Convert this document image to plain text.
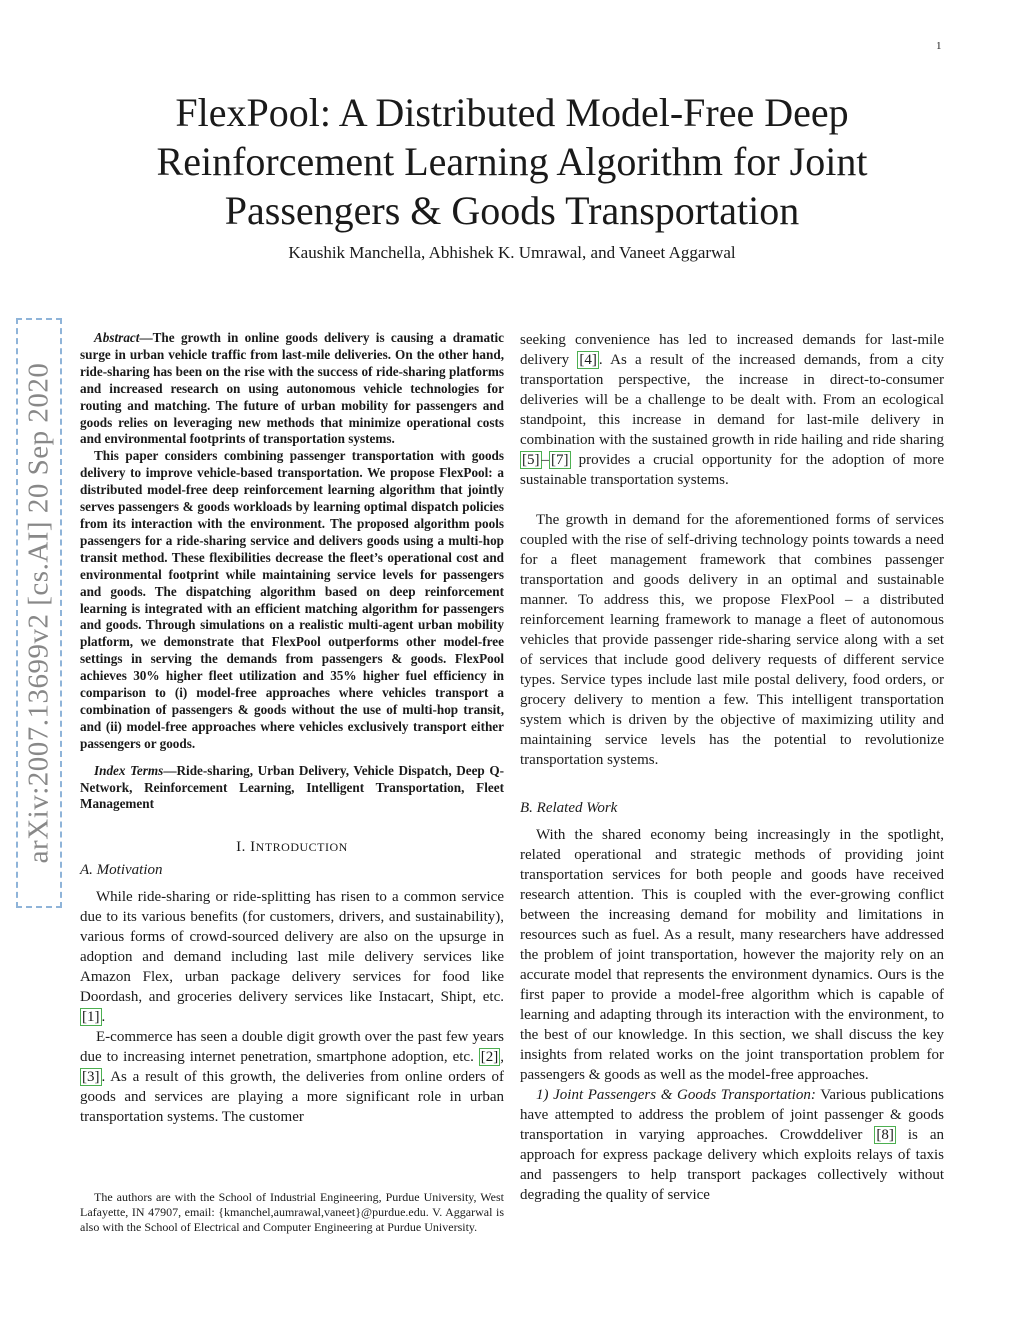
1
arXiv:2007.13699v2 [cs.AI] 20 Sep 2020
FlexPool: A Distributed Model-Free Deep Reinforcement Learning Algorithm for Joint Passengers & Goods Transportation
Kaushik Manchella, Abhishek K. Umrawal, and Vaneet Aggarwal

Abstract—The growth in online goods delivery is causing a dramatic surge in urban vehicle traffic from last-mile deliveries. On the other hand, ride-sharing has been on the rise with the success of ride-sharing platforms and increased research on using autonomous vehicle technologies for routing and matching. The future of urban mobility for passengers and goods relies on leveraging new methods that minimize operational costs and environmental footprints of transportation systems.

This paper considers combining passenger transportation with goods delivery to improve vehicle-based transportation. We propose FlexPool: a distributed model-free deep reinforcement learning algorithm that jointly serves passengers & goods workloads by learning optimal dispatch policies from its interaction with the environment. The proposed algorithm pools passengers for a ride-sharing service and delivers goods using a multi-hop transit method. These flexibilities decrease the fleet’s operational cost and environmental footprint while maintaining service levels for passengers and goods. The dispatching algorithm based on deep reinforcement learning is integrated with an efficient matching algorithm for passengers and goods. Through simulations on a realistic multi-agent urban mobility platform, we demonstrate that FlexPool outperforms other model-free settings in serving the demands from passengers & goods. FlexPool achieves 30% higher fleet utilization and 35% higher fuel efficiency in comparison to (i) model-free approaches where vehicles transport a combination of passengers & goods without the use of multi-hop transit, and (ii) model-free approaches where vehicles exclusively transport either passengers or goods.

Index Terms—Ride-sharing, Urban Delivery, Vehicle Dispatch, Deep Q-Network, Reinforcement Learning, Intelligent Transportation, Fleet Management
I. INTRODUCTION
A. Motivation

While ride-sharing or ride-splitting has risen to a common service due to its various benefits (for customers, drivers, and sustainability), various forms of crowd-sourced delivery are also on the upsurge in adoption and demand including last mile delivery services like Amazon Flex, urban package delivery services for food like Doordash, and groceries delivery services like Instacart, Shipt, etc. [1] .

E-commerce has seen a double digit growth over the past few years due to increasing internet penetration, smartphone adoption, etc. [2] , [3] . As a result of this growth, the deliveries from online orders of goods and services are playing a more significant role in urban transportation systems. The customer

The authors are with the School of Industrial Engineering, Purdue University, West Lafayette, IN 47907, email: {kmanchel,aumrawal,vaneet}@purdue.edu. V. Aggarwal is also with the School of Electrical and Computer Engineering at Purdue University.

seeking convenience has led to increased demands for last-mile delivery [4] . As a result of the increased demands, from a city transportation perspective, the increase in direct-to-consumer deliveries will be a challenge to be dealt with. From an ecological standpoint, this increase in demand for last-mile delivery in combination with the sustained growth in ride hailing and ride sharing [5] – [7] provides a crucial opportunity for the adoption of more sustainable transportation systems.

The growth in demand for the aforementioned forms of services coupled with the rise of self-driving technology points towards a need for a fleet management framework that combines passenger transportation and goods delivery in an optimal and sustainable manner. To address this, we propose FlexPool – a distributed reinforcement learning framework to manage a fleet of autonomous vehicles that provide passenger ride-sharing service along with a set of services that include good delivery requests of different service types. Service types include last mile postal delivery, food orders, or grocery delivery to mention a few. This intelligent transportation system which is driven by the objective of maximizing utility and maintaining service levels has the potential to revolutionize transportation systems.

B. Related Work

With the shared economy being increasingly in the spotlight, related operational and strategic methods of providing joint transportation services for both people and goods have received research attention. This is coupled with the ever-growing conflict between the increasing demand for mobility and limitations in resources such as fuel. As a result, many researchers have addressed the problem of joint transportation, however the majority rely on an accurate model that represents the environment dynamics. Ours is the first paper to provide a model-free algorithm which is capable of learning and adapting through its interaction with the environment, to the best of our knowledge. In this section, we shall discuss the key insights from related works on the joint transportation problem for passengers & goods as well as the model-free approaches.

1) Joint Passengers & Goods Transportation: Various publications have attempted to address the problem of joint passenger & goods transportation in varying approaches. Crowddeliver [8] is an approach for express package delivery which exploits relays of taxis and passengers to help transport packages collectively without degrading the quality of service
